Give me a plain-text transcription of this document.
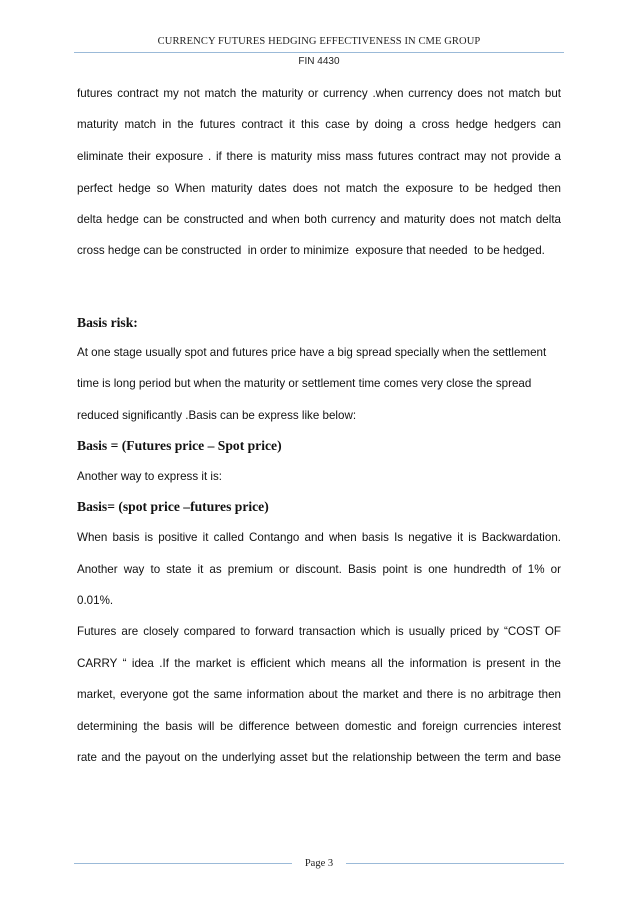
CURRENCY FUTURES HEDGING EFFECTIVENESS IN CME GROUP
FIN 4430
futures contract my not match the maturity or currency .when currency does not match but
maturity match in the futures contract it this case by doing a cross hedge hedgers can
eliminate their exposure . if there is maturity miss mass futures contract may not provide a
perfect hedge so When maturity dates does not match the exposure to be hedged then
delta hedge can be constructed and when both currency and maturity does not match delta
cross hedge can be constructed  in order to minimize  exposure that needed  to be hedged.
Basis risk:
At one stage usually spot and futures price have a big spread specially when the settlement
time is long period but when the maturity or settlement time comes very close the spread
reduced significantly .Basis can be express like below:
Basis = (Futures price – Spot price)
Another way to express it is:
Basis= (spot price –futures price)
When basis is positive it called Contango and when basis Is negative it is Backwardation.
Another way to state it as premium or discount. Basis point is one hundredth of 1% or
0.01%.
Futures are closely compared to forward transaction which is usually priced by “COST OF
CARRY “ idea .If the market is efficient which means all the information is present in the
market, everyone got the same information about the market and there is no arbitrage then
determining the basis will be difference between domestic and foreign currencies interest
rate and the payout on the underlying asset but the relationship between the term and base
Page 3
